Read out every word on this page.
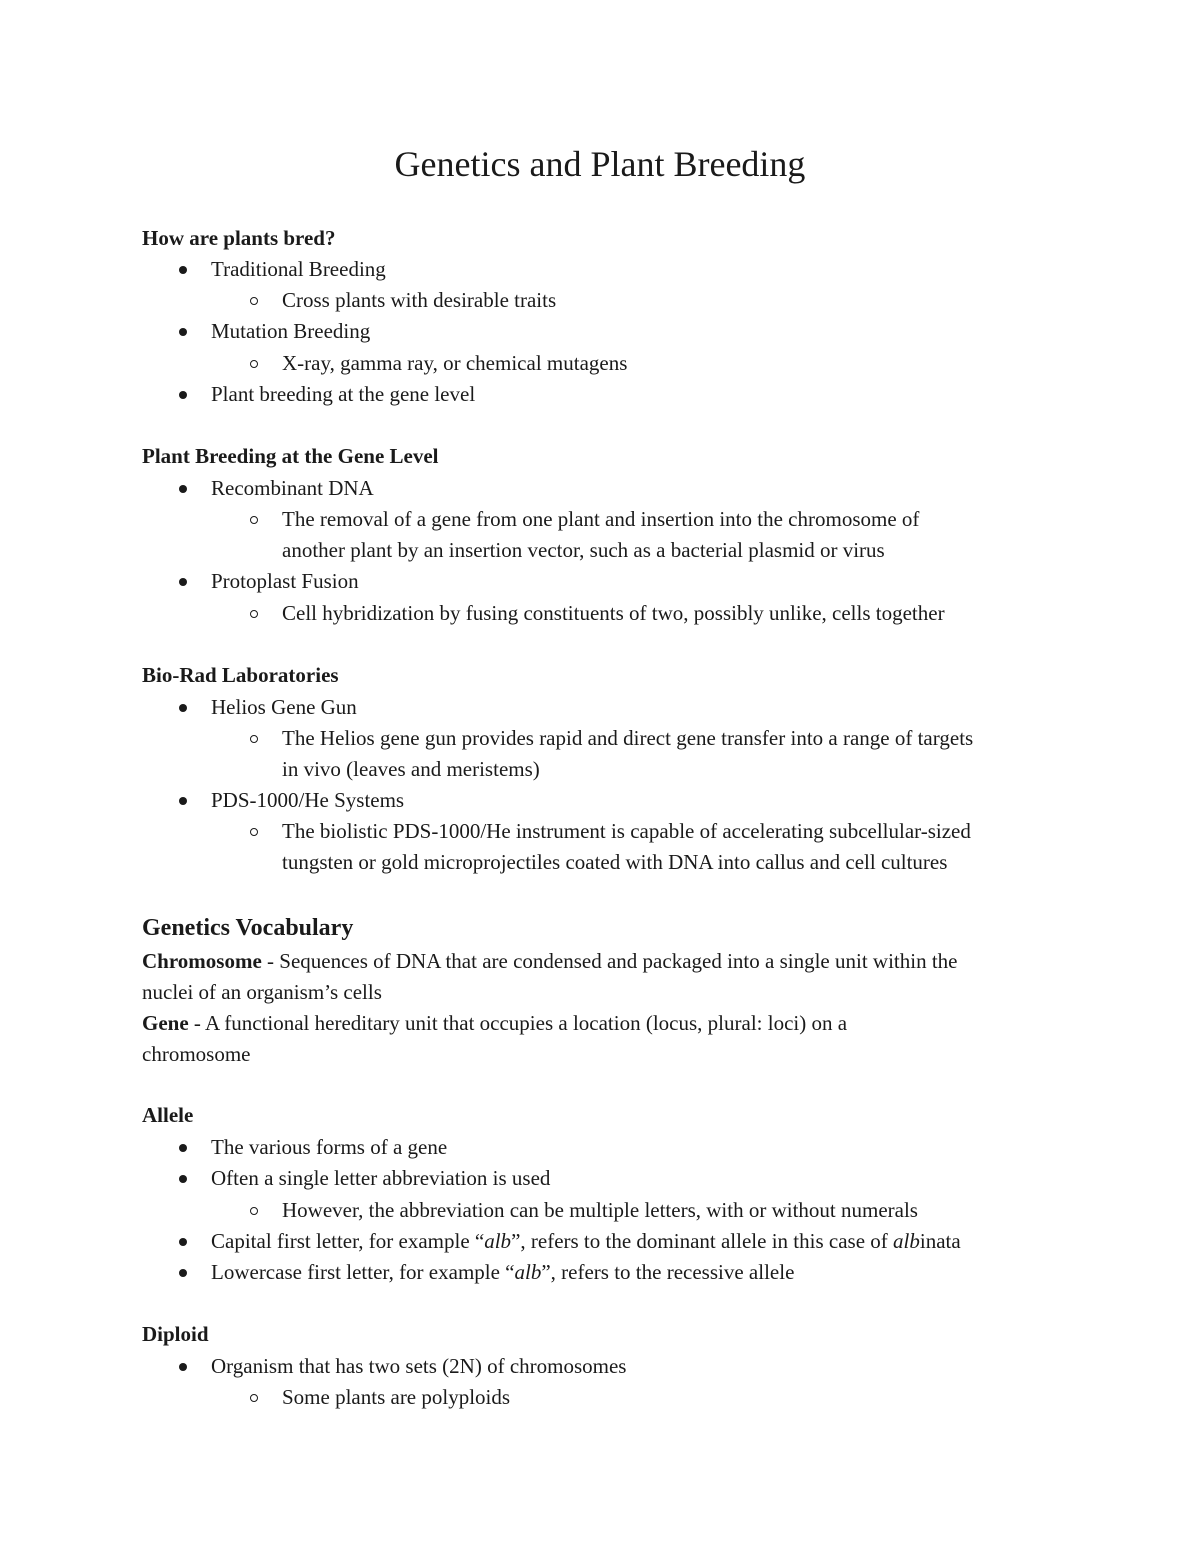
Genetics and Plant Breeding
How are plants bred?
Traditional Breeding
Cross plants with desirable traits
Mutation Breeding
X-ray, gamma ray, or chemical mutagens
Plant breeding at the gene level
Plant Breeding at the Gene Level
Recombinant DNA
The removal of a gene from one plant and insertion into the chromosome of
another plant by an insertion vector, such as a bacterial plasmid or virus
Protoplast Fusion
Cell hybridization by fusing constituents of two, possibly unlike, cells together
Bio-Rad Laboratories
Helios Gene Gun
The Helios gene gun provides rapid and direct gene transfer into a range of targets
in vivo (leaves and meristems)
PDS-1000/He Systems
The biolistic PDS-1000/He instrument is capable of accelerating subcellular-sized
tungsten or gold microprojectiles coated with DNA into callus and cell cultures
Genetics Vocabulary
Chromosome - Sequences of DNA that are condensed and packaged into a single unit within the
nuclei of an organism’s cells
Gene - A functional hereditary unit that occupies a location (locus, plural: loci) on a
chromosome
Allele
The various forms of a gene
Often a single letter abbreviation is used
However, the abbreviation can be multiple letters, with or without numerals
Capital first letter, for example “alb”, refers to the dominant allele in this case of albinata
Lowercase first letter, for example “alb”, refers to the recessive allele
Diploid
Organism that has two sets (2N) of chromosomes
Some plants are polyploids
